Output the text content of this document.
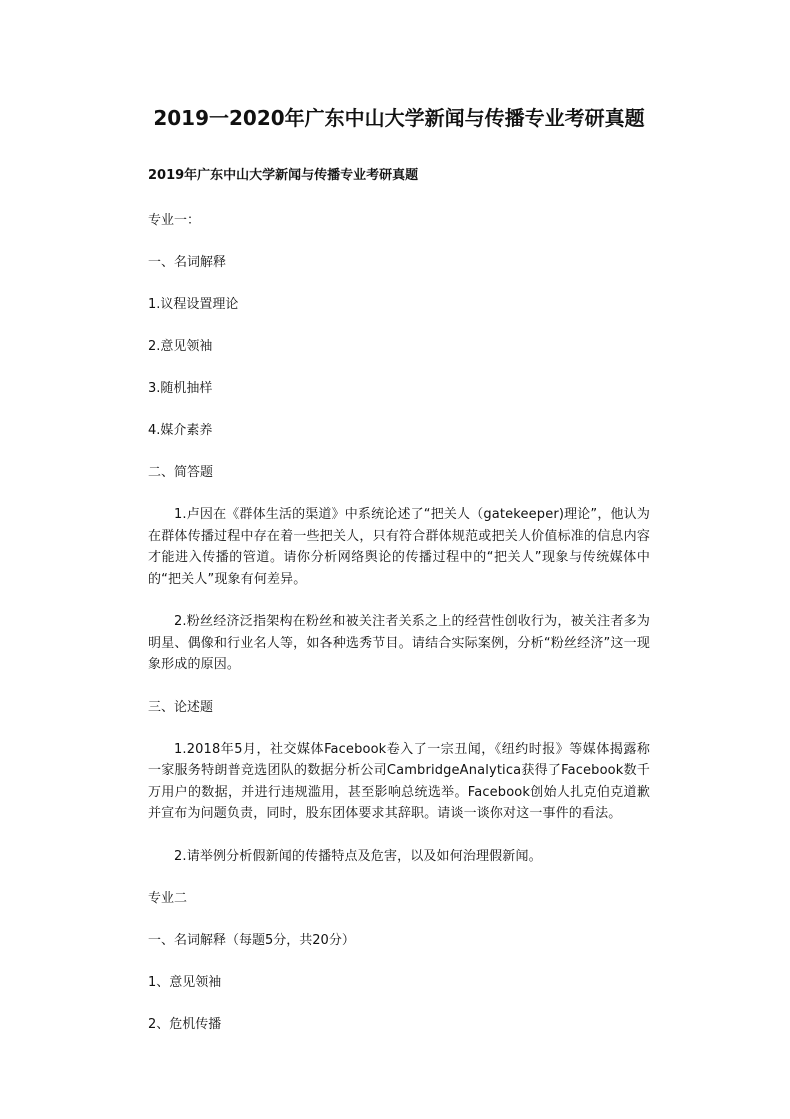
2019一2020年广东中山大学新闻与传播专业考研真题
2019年广东中山大学新闻与传播专业考研真题
专业一：
一、名词解释
1.议程设置理论
2.意见领袖
3.随机抽样
4.媒介素养
二、简答题
1.卢因在《群体生活的渠道》中系统论述了“把关人（gatekeeper)理论”，他认为在群体传播过程中存在着一些把关人，只有符合群体规范或把关人价值标准的信息内容才能进入传播的管道。请你分析网络舆论的传播过程中的“把关人”现象与传统媒体中的“把关人”现象有何差异。
2.粉丝经济泛指架构在粉丝和被关注者关系之上的经营性创收行为，被关注者多为明星、偶像和行业名人等，如各种选秀节目。请结合实际案例，分析“粉丝经济”这一现象形成的原因。
三、论述题
1.2018年5月，社交媒体Facebook卷入了一宗丑闻，《纽约时报》等媒体揭露称一家服务特朗普竞选团队的数据分析公司CambridgeAnalytica获得了Facebook数千万用户的数据，并进行违规滥用，甚至影响总统选举。Facebook创始人扎克伯克道歉并宣布为问题负责，同时，股东团体要求其辞职。请谈一谈你对这一事件的看法。
2.请举例分析假新闻的传播特点及危害，以及如何治理假新闻。
专业二
一、名词解释（每题5分，共20分）
1、意见领袖
2、危机传播
